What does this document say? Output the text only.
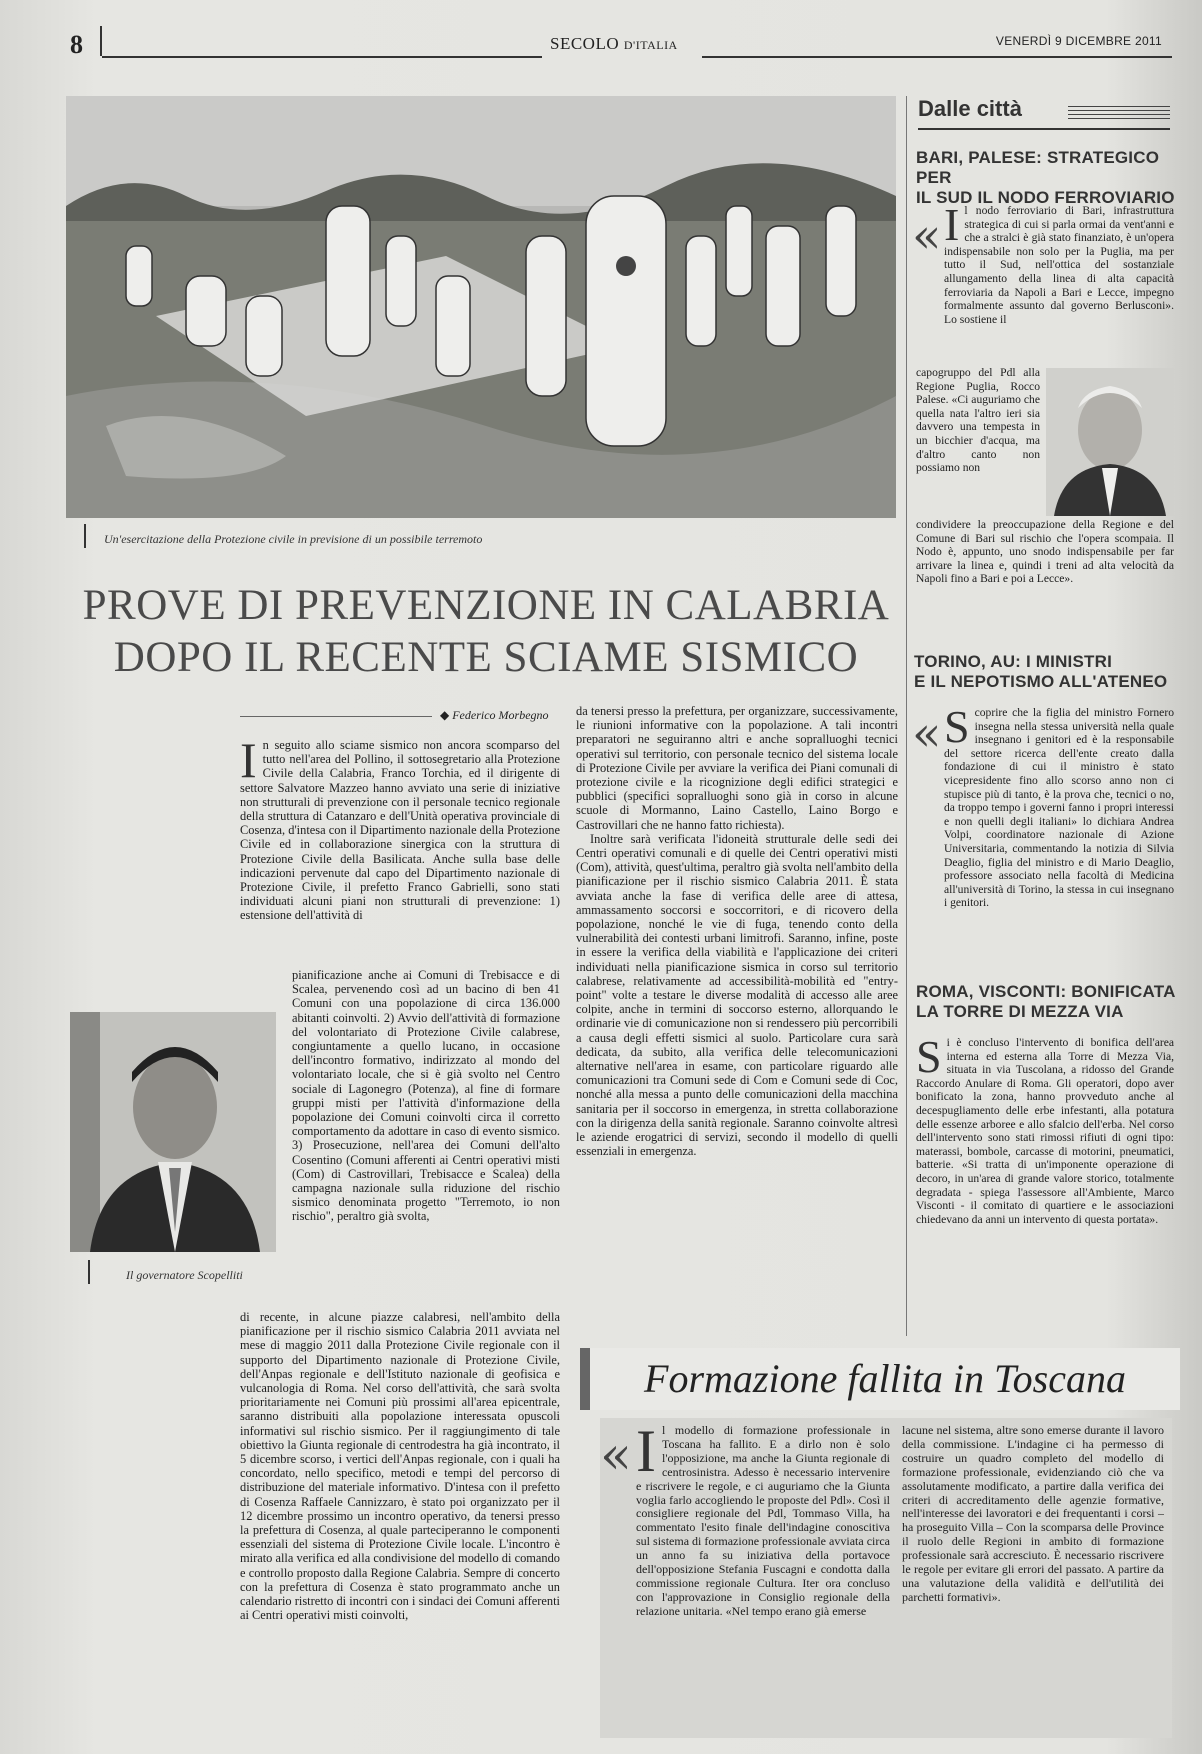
8	SECOLO D'ITALIA	VENERDÌ 9 DICEMBRE 2011
Un'esercitazione della Protezione civile in previsione di un possibile terremoto
PROVE DI PREVENZIONE IN CALABRIA
DOPO IL RECENTE SCIAME SISMICO
◆ Federico Morbegno

In seguito allo sciame sismico non ancora scomparso del tutto nell'area del Pollino, il sottosegretario alla Protezione Civile della Calabria, Franco Torchia, ed il dirigente di settore Salvatore Mazzeo hanno avviato una serie di iniziative non strutturali di prevenzione con il personale tecnico regionale della struttura di Catanzaro e dell'Unità operativa provinciale di Cosenza, d'intesa con il Dipartimento nazionale della Protezione Civile ed in collaborazione sinergica con la struttura di Protezione Civile della Basilicata. Anche sulla base delle indicazioni pervenute dal capo del Dipartimento nazionale di Protezione Civile, il prefetto Franco Gabrielli, sono stati individuati alcuni piani non strutturali di prevenzione: 1) estensione dell'attività di

Il governatore Scopelliti

pianificazione anche ai Comuni di Trebisacce e di Scalea, pervenendo così ad un bacino di ben 41 Comuni con una popolazione di circa 136.000 abitanti coinvolti. 2) Avvio dell'attività di formazione del volontariato di Protezione Civile calabrese, congiuntamente a quello lucano, in occasione dell'incontro formativo, indirizzato al mondo del volontariato locale, che si è già svolto nel Centro sociale di Lagonegro (Potenza), al fine di formare gruppi misti per l'attività d'informazione della popolazione dei Comuni coinvolti circa il corretto comportamento da adottare in caso di evento sismico. 3) Prosecuzione, nell'area dei Comuni dell'alto Cosentino (Comuni afferenti ai Centri operativi misti (Com) di Castrovillari, Trebisacce e Scalea) della campagna nazionale sulla riduzione del rischio sismico denominata progetto "Terremoto, io non rischio", peraltro già svolta,

di recente, in alcune piazze calabresi, nell'ambito della pianificazione per il rischio sismico Calabria 2011 avviata nel mese di maggio 2011 dalla Protezione Civile regionale con il supporto del Dipartimento nazionale di Protezione Civile, dell'Anpas regionale e dell'Istituto nazionale di geofisica e vulcanologia di Roma. Nel corso dell'attività, che sarà svolta prioritariamente nei Comuni più prossimi all'area epicentrale, saranno distribuiti alla popolazione interessata opuscoli informativi sul rischio sismico. Per il raggiungimento di tale obiettivo la Giunta regionale di centrodestra ha già incontrato, il 5 dicembre scorso, i vertici dell'Anpas regionale, con i quali ha concordato, nello specifico, metodi e tempi del percorso di distribuzione del materiale informativo. D'intesa con il prefetto di Cosenza Raffaele Cannizzaro, è stato poi organizzato per il 12 dicembre prossimo un incontro operativo, da tenersi presso la prefettura di Cosenza, al quale parteciperanno le componenti essenziali del sistema di Protezione Civile locale. L'incontro è mirato alla verifica ed alla condivisione del modello di comando e controllo proposto dalla Regione Calabria. Sempre di concerto con la prefettura di Cosenza è stato programmato anche un calendario ristretto di incontri con i sindaci dei Comuni afferenti ai Centri operativi misti coinvolti,

da tenersi presso la prefettura, per organizzare, successivamente, le riunioni informative con la popolazione. A tali incontri preparatori ne seguiranno altri e anche sopralluoghi tecnici operativi sul territorio, con personale tecnico del sistema locale di Protezione Civile per avviare la verifica dei Piani comunali di protezione civile e la ricognizione degli edifici strategici e pubblici (specifici sopralluoghi sono già in corso in alcune scuole di Mormanno, Laino Castello, Laino Borgo e Castrovillari che ne hanno fatto richiesta).

Inoltre sarà verificata l'idoneità strutturale delle sedi dei Centri operativi comunali e di quelle dei Centri operativi misti (Com), attività, quest'ultima, peraltro già svolta nell'ambito della pianificazione per il rischio sismico Calabria 2011. È stata avviata anche la fase di verifica delle aree di attesa, ammassamento soccorsi e soccorritori, e di ricovero della popolazione, nonché le vie di fuga, tenendo conto della vulnerabilità dei contesti urbani limitrofi. Saranno, infine, poste in essere la verifica della viabilità e l'applicazione dei criteri individuati nella pianificazione sismica in corso sul territorio calabrese, relativamente ad accessibilità-mobilità ed "entry-point" volte a testare le diverse modalità di accesso alle aree colpite, anche in termini di soccorso esterno, allorquando le ordinarie vie di comunicazione non si rendessero più percorribili a causa degli effetti sismici al suolo. Particolare cura sarà dedicata, da subito, alla verifica delle telecomunicazioni alternative nell'area in esame, con particolare riguardo alle comunicazioni tra Comuni sede di Com e Comuni sede di Coc, nonché alla messa a punto delle comunicazioni della macchina sanitaria per il soccorso in emergenza, in stretta collaborazione con la dirigenza della sanità regionale. Saranno coinvolte altresì le aziende erogatrici di servizi, secondo il modello di quelli essenziali in emergenza.

Dalle città
BARI, PALESE: STRATEGICO PER
IL SUD IL NODO FERROVIARIO
« Il nodo ferroviario di Bari, infrastruttura strategica di cui si parla ormai da vent'anni e che a stralci è già stato finanziato, è un'opera indispensabile non solo per la Puglia, ma per tutto il Sud, nell'ottica del sostanziale allungamento della linea di alta capacità ferroviaria da Napoli a Bari e Lecce, impegno formalmente assunto dal governo Berlusconi». Lo sostiene il

capogruppo del Pdl alla Regione Puglia, Rocco Palese. «Ci auguriamo che quella nata l'altro ieri sia davvero una tempesta in un bicchier d'acqua, ma d'altro canto non possiamo non

condividere la preoccupazione della Regione e del Comune di Bari sul rischio che l'opera scompaia. Il Nodo è, appunto, uno snodo indispensabile per far arrivare la linea e, quindi i treni ad alta velocità da Napoli fino a Bari e poi a Lecce».

TORINO, AU: I MINISTRI
E IL NEPOTISMO ALL'ATENEO
« Scoprire che la figlia del ministro Fornero insegna nella stessa università nella quale insegnano i genitori ed è la responsabile del settore ricerca dell'ente creato dalla fondazione di cui il ministro è stato vicepresidente fino allo scorso anno non ci stupisce più di tanto, è la prova che, tecnici o no, da troppo tempo i governi fanno i propri interessi e non quelli degli italiani» lo dichiara Andrea Volpi, coordinatore nazionale di Azione Universitaria, commentando la notizia di Silvia Deaglio, figlia del ministro e di Mario Deaglio, professore associato nella facoltà di Medicina all'università di Torino, la stessa in cui insegnano i genitori.

ROMA, VISCONTI: BONIFICATA
LA TORRE DI MEZZA VIA

Si è concluso l'intervento di bonifica dell'area interna ed esterna alla Torre di Mezza Via, situata in via Tuscolana, a ridosso del Grande Raccordo Anulare di Roma. Gli operatori, dopo aver bonificato la zona, hanno provveduto anche al decespugliamento delle erbe infestanti, alla potatura delle essenze arboree e allo sfalcio dell'erba. Nel corso dell'intervento sono stati rimossi rifiuti di ogni tipo: materassi, bombole, carcasse di motorini, pneumatici, batterie. «Si tratta di un'imponente operazione di decoro, in un'area di grande valore storico, totalmente degradata - spiega l'assessore all'Ambiente, Marco Visconti - il comitato di quartiere e le associazioni chiedevano da anni un intervento di questa portata».

Formazione fallita in Toscana
« Il modello di formazione professionale in Toscana ha fallito. E a dirlo non è solo l'opposizione, ma anche la Giunta regionale di centrosinistra. Adesso è necessario intervenire e riscrivere le regole, e ci auguriamo che la Giunta voglia farlo accogliendo le proposte del Pdl». Così il consigliere regionale del Pdl, Tommaso Villa, ha commentato l'esito finale dell'indagine conoscitiva sul sistema di formazione professionale avviata circa un anno fa su iniziativa della portavoce dell'opposizione Stefania Fuscagni e condotta dalla commissione regionale Cultura. Iter ora concluso con l'approvazione in Consiglio regionale della relazione unitaria. «Nel tempo erano già emerse

lacune nel sistema, altre sono emerse durante il lavoro della commissione. L'indagine ci ha permesso di costruire un quadro completo del modello di formazione professionale, evidenziando ciò che va assolutamente modificato, a partire dalla verifica dei criteri di accreditamento delle agenzie formative, nell'interesse dei lavoratori e dei frequentanti i corsi – ha proseguito Villa – Con la scomparsa delle Province il ruolo delle Regioni in ambito di formazione professionale sarà accresciuto. È necessario riscrivere le regole per evitare gli errori del passato. A partire da una valutazione della validità e dell'utilità dei parchetti formativi».
